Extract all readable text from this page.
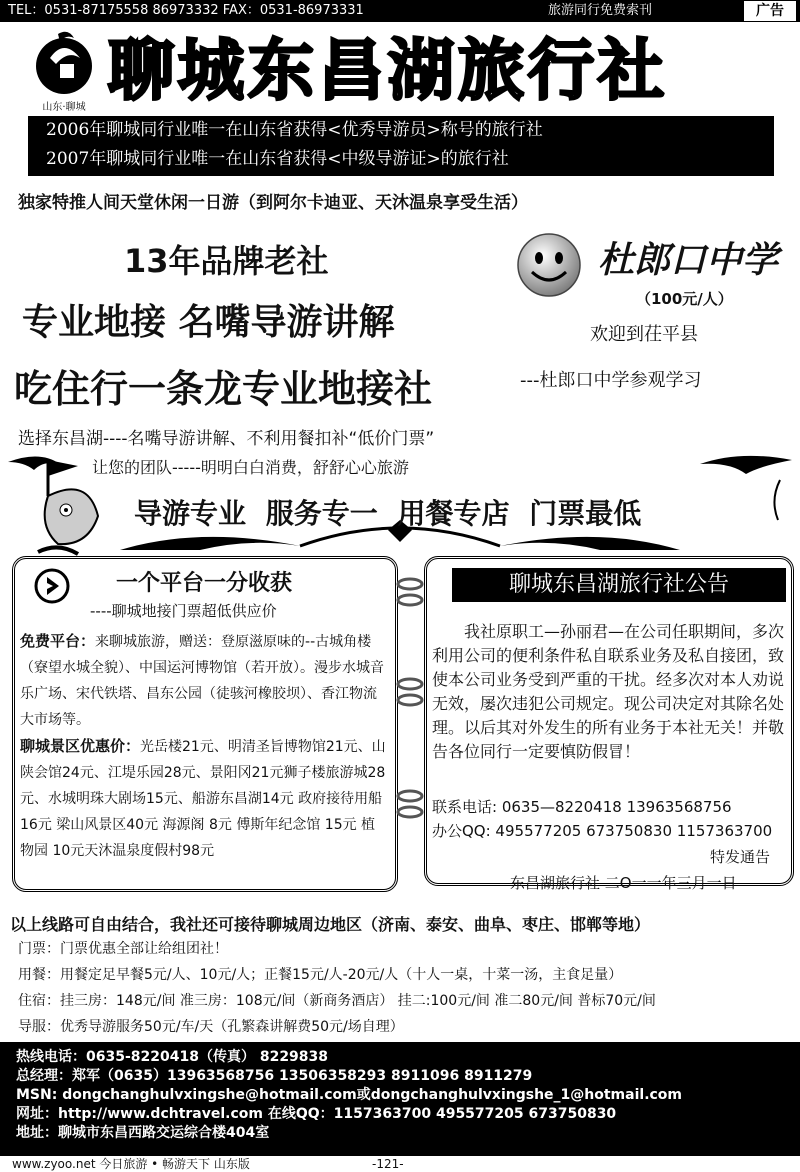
TEL：0531-87175558 86973332 FAX：0531-86973331	旅游同行免费索刊	广告
山东·聊城 聊城东昌湖旅行社
2006年聊城同行业唯一在山东省获得<优秀导游员>称号的旅行社
2007年聊城同行业唯一在山东省获得<中级导游证>的旅行社
独家特推人间天堂休闲一日游（到阿尔卡迪亚、天沐温泉享受生活）
13年品牌老社
专业地接 名嘴导游讲解
吃住行一条龙专业地接社
杜郎口中学
（100元/人）
欢迎到茌平县
---杜郎口中学参观学习
选择东昌湖----名嘴导游讲解、不利用餐扣补“低价门票”
让您的团队-----明明白白消费，舒舒心心旅游
导游专业 服务专一 用餐专店 门票最低
一个平台一分收获
----聊城地接门票超低供应价
免费平台：来聊城旅游，赠送：登原滋原味的--古城角楼（寮望水城全貌）、中国运河博物馆（若开放）。漫步水城音乐广场、宋代铁塔、昌东公园（徒骇河橡胶坝）、香江物流大市场等。
聊城景区优惠价：光岳楼21元、明清圣旨博物馆21元、山陕会馆24元、江堤乐园28元、景阳冈21元狮子楼旅游城28元、水城明珠大剧场15元、船游东昌湖14元 政府接待用船16元 梁山风景区40元 海源阁 8元 傅斯年纪念馆 15元 植物园 10元天沐温泉度假村98元
聊城东昌湖旅行社公告
我社原职工—孙丽君—在公司任职期间，多次利用公司的便利条件私自联系业务及私自接团，致使本公司业务受到严重的干扰。经多次对本人劝说无效，屡次违犯公司规定。现公司决定对其除名处理。以后其对外发生的所有业务于本社无关！并敬告各位同行一定要慎防假冒！
联系电话: 0635—8220418 13963568756
办公QQ: 495577205 673750830 1157363700
特发通告
东昌湖旅行社 二O一一年三月一日
以上线路可自由结合，我社还可接待聊城周边地区（济南、泰安、曲阜、枣庄、邯郸等地）
门票：门票优惠全部让给组团社！
用餐：用餐定足早餐5元/人、10元/人；正餐15元/人-20元/人（十人一桌，十菜一汤，主食足量）
住宿：挂三房：148元/间 准三房：108元/间（新商务酒店） 挂二:100元/间 准二80元/间 普标70元/间
导服：优秀导游服务50元/车/天（孔繁森讲解费50元/场自理）
热线电话：0635-8220418（传真） 8229838
总经理：郑军（0635）13963568756 13506358293 8911096 8911279
MSN: dongchanghulvxingshe@hotmail.com或dongchanghulvxingshe_1@hotmail.com
网址：http://www.dchtravel.com 在线QQ：1157363700 495577205 673750830
地址：聊城市东昌西路交运综合楼404室
www.zyoo.net 今日旅游 • 畅游天下 山东版	-121-
